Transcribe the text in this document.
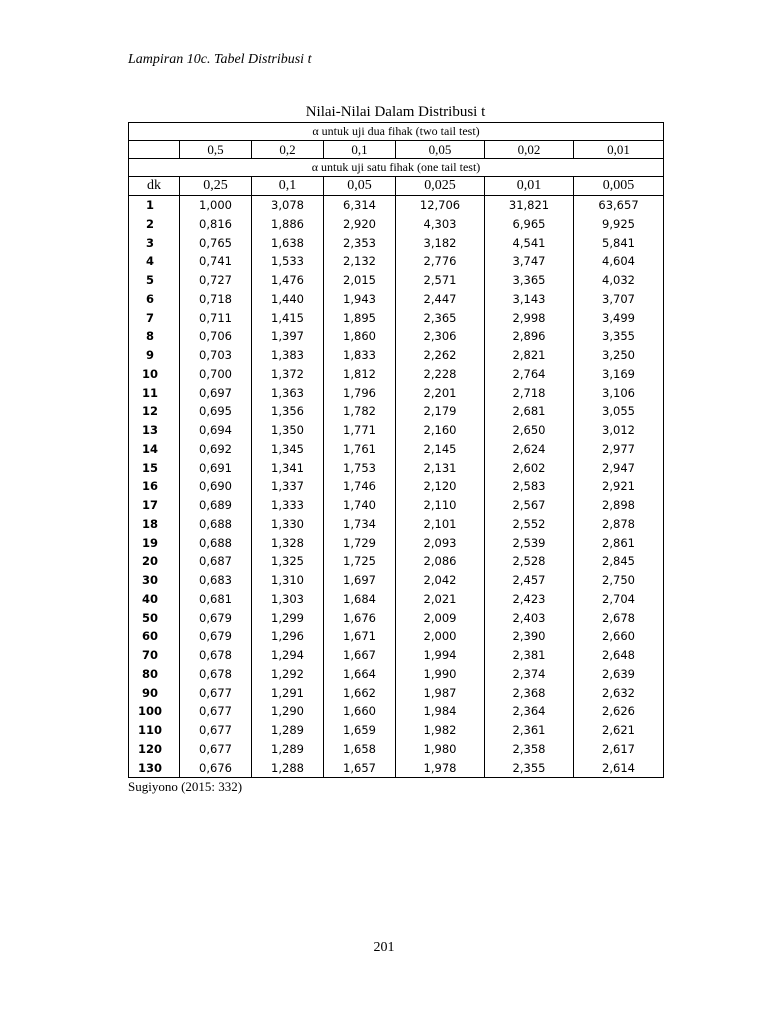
Lampiran 10c. Tabel Distribusi t
Nilai-Nilai Dalam Distribusi t
α untuk uji dua fihak (two tail test)						
	0,5	0,2	0,1	0,05	0,02	0,01
α untuk uji satu fihak (one tail test)						
dk	0,25	0,1	0,05	0,025	0,01	0,005
1	1,000	3,078	6,314	12,706	31,821	63,657
2	0,816	1,886	2,920	4,303	6,965	9,925
3	0,765	1,638	2,353	3,182	4,541	5,841
4	0,741	1,533	2,132	2,776	3,747	4,604
5	0,727	1,476	2,015	2,571	3,365	4,032
6	0,718	1,440	1,943	2,447	3,143	3,707
7	0,711	1,415	1,895	2,365	2,998	3,499
8	0,706	1,397	1,860	2,306	2,896	3,355
9	0,703	1,383	1,833	2,262	2,821	3,250
10	0,700	1,372	1,812	2,228	2,764	3,169
11	0,697	1,363	1,796	2,201	2,718	3,106
12	0,695	1,356	1,782	2,179	2,681	3,055
13	0,694	1,350	1,771	2,160	2,650	3,012
14	0,692	1,345	1,761	2,145	2,624	2,977
15	0,691	1,341	1,753	2,131	2,602	2,947
16	0,690	1,337	1,746	2,120	2,583	2,921
17	0,689	1,333	1,740	2,110	2,567	2,898
18	0,688	1,330	1,734	2,101	2,552	2,878
19	0,688	1,328	1,729	2,093	2,539	2,861
20	0,687	1,325	1,725	2,086	2,528	2,845
30	0,683	1,310	1,697	2,042	2,457	2,750
40	0,681	1,303	1,684	2,021	2,423	2,704
50	0,679	1,299	1,676	2,009	2,403	2,678
60	0,679	1,296	1,671	2,000	2,390	2,660
70	0,678	1,294	1,667	1,994	2,381	2,648
80	0,678	1,292	1,664	1,990	2,374	2,639
90	0,677	1,291	1,662	1,987	2,368	2,632
100	0,677	1,290	1,660	1,984	2,364	2,626
110	0,677	1,289	1,659	1,982	2,361	2,621
120	0,677	1,289	1,658	1,980	2,358	2,617
130	0,676	1,288	1,657	1,978	2,355	2,614
Sugiyono (2015: 332)
201
